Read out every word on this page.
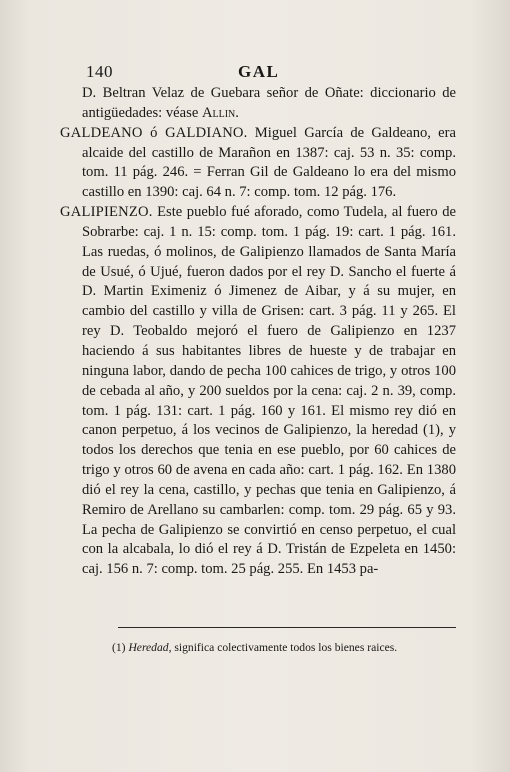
140	GAL

D. Beltran Velaz de Guebara señor de Oñate: diccionario de antigüedades: véase Allin.

GALDEANO ó GALDIANO. Miguel García de Galdeano, era alcaide del castillo de Marañon en 1387: caj. 53 n. 35: comp. tom. 11 pág. 246. = Ferran Gil de Galdeano lo era del mismo castillo en 1390: caj. 64 n. 7: comp. tom. 12 pág. 176.

GALIPIENZO. Este pueblo fué aforado, como Tudela, al fuero de Sobrarbe: caj. 1 n. 15: comp. tom. 1 pág. 19: cart. 1 pág. 161. Las ruedas, ó molinos, de Galipienzo llamados de Santa María de Usué, ó Ujué, fueron dados por el rey D. Sancho el fuerte á D. Martin Eximeniz ó Jimenez de Aibar, y á su mujer, en cambio del castillo y villa de Grisen: cart. 3 pág. 11 y 265. El rey D. Teobaldo mejoró el fuero de Galipienzo en 1237 haciendo á sus habitantes libres de hueste y de trabajar en ninguna labor, dando de pecha 100 cahices de trigo, y otros 100 de cebada al año, y 200 sueldos por la cena: caj. 2 n. 39, comp. tom. 1 pág. 131: cart. 1 pág. 160 y 161. El mismo rey dió en canon perpetuo, á los vecinos de Galipienzo, la heredad (1), y todos los derechos que tenia en ese pueblo, por 60 cahices de trigo y otros 60 de avena en cada año: cart. 1 pág. 162. En 1380 dió el rey la cena, castillo, y pechas que tenia en Galipienzo, á Remiro de Arellano su cambarlen: comp. tom. 29 pág. 65 y 93. La pecha de Galipienzo se convirtió en censo perpetuo, el cual con la alcabala, lo dió el rey á D. Tristán de Ezpeleta en 1450: caj. 156 n. 7: comp. tom. 25 pág. 255. En 1453 pa-

(1) Heredad, significa colectivamente todos los bienes raices.
